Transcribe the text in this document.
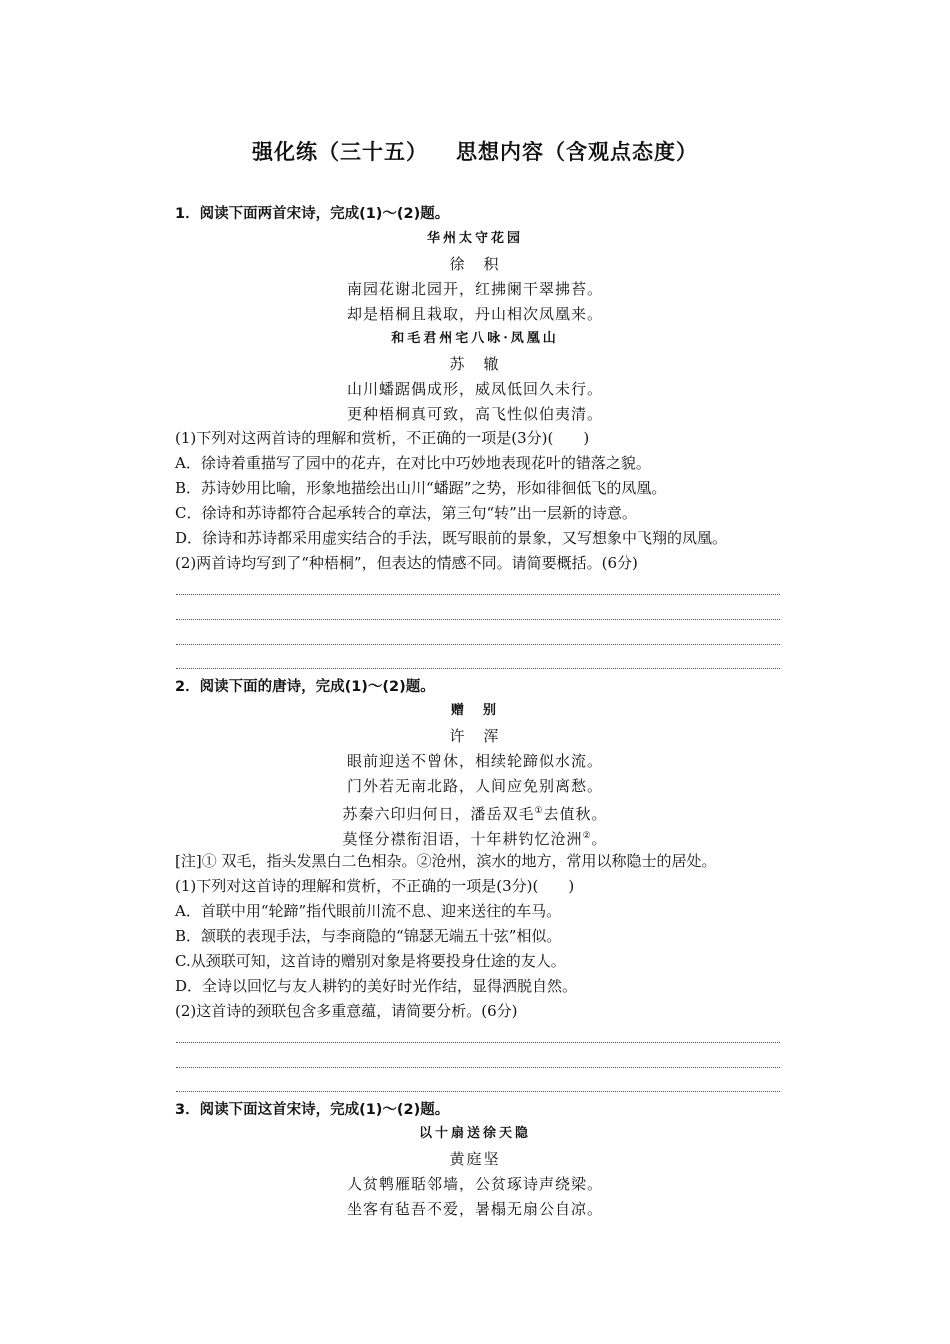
强化练（三十五） 思想内容（含观点态度）
1．阅读下面两首宋诗，完成(1)～(2)题。
华州太守花园
徐　积
南园花谢北园开，红拂阑干翠拂苔。
却是梧桐且栽取，丹山相次凤凰来。
和毛君州宅八咏·凤凰山
苏　辙
山川蟠踞偶成形，威凤低回久未行。
更种梧桐真可致，高飞性似伯夷清。
(1)下列对这两首诗的理解和赏析，不正确的一项是(3分)(　　)
A．徐诗着重描写了园中的花卉，在对比中巧妙地表现花叶的错落之貌。
B．苏诗妙用比喻，形象地描绘出山川“蟠踞”之势，形如徘徊低飞的凤凰。
C．徐诗和苏诗都符合起承转合的章法，第三句“转”出一层新的诗意。
D．徐诗和苏诗都采用虚实结合的手法，既写眼前的景象，又写想象中飞翔的凤凰。
(2)两首诗均写到了“种梧桐”，但表达的情感不同。请简要概括。(6分)
2．阅读下面的唐诗，完成(1)～(2)题。
赠　别
许　浑
眼前迎送不曾休，相续轮蹄似水流。
门外若无南北路，人间应免别离愁。
苏秦六印归何日，潘岳双毛①去值秋。
莫怪分襟衔泪语，十年耕钓忆沧洲②。
[注]① 双毛，指头发黑白二色相杂。②沧州，滨水的地方，常用以称隐士的居处。
(1)下列对这首诗的理解和赏析，不正确的一项是(3分)(　　)
A．首联中用“轮蹄”指代眼前川流不息、迎来送往的车马。
B．颔联的表现手法，与李商隐的“锦瑟无端五十弦”相似。
C.从颈联可知，这首诗的赠别对象是将要投身仕途的友人。
D．全诗以回忆与友人耕钓的美好时光作结，显得洒脱自然。
(2)这首诗的颈联包含多重意蕴，请简要分析。(6分)
3．阅读下面这首宋诗，完成(1)～(2)题。
以十扇送徐天隐
黄庭坚
人贫鹎雁聒邻墙，公贫琢诗声绕梁。
坐客有毡吾不爱，暑榻无扇公自凉。
